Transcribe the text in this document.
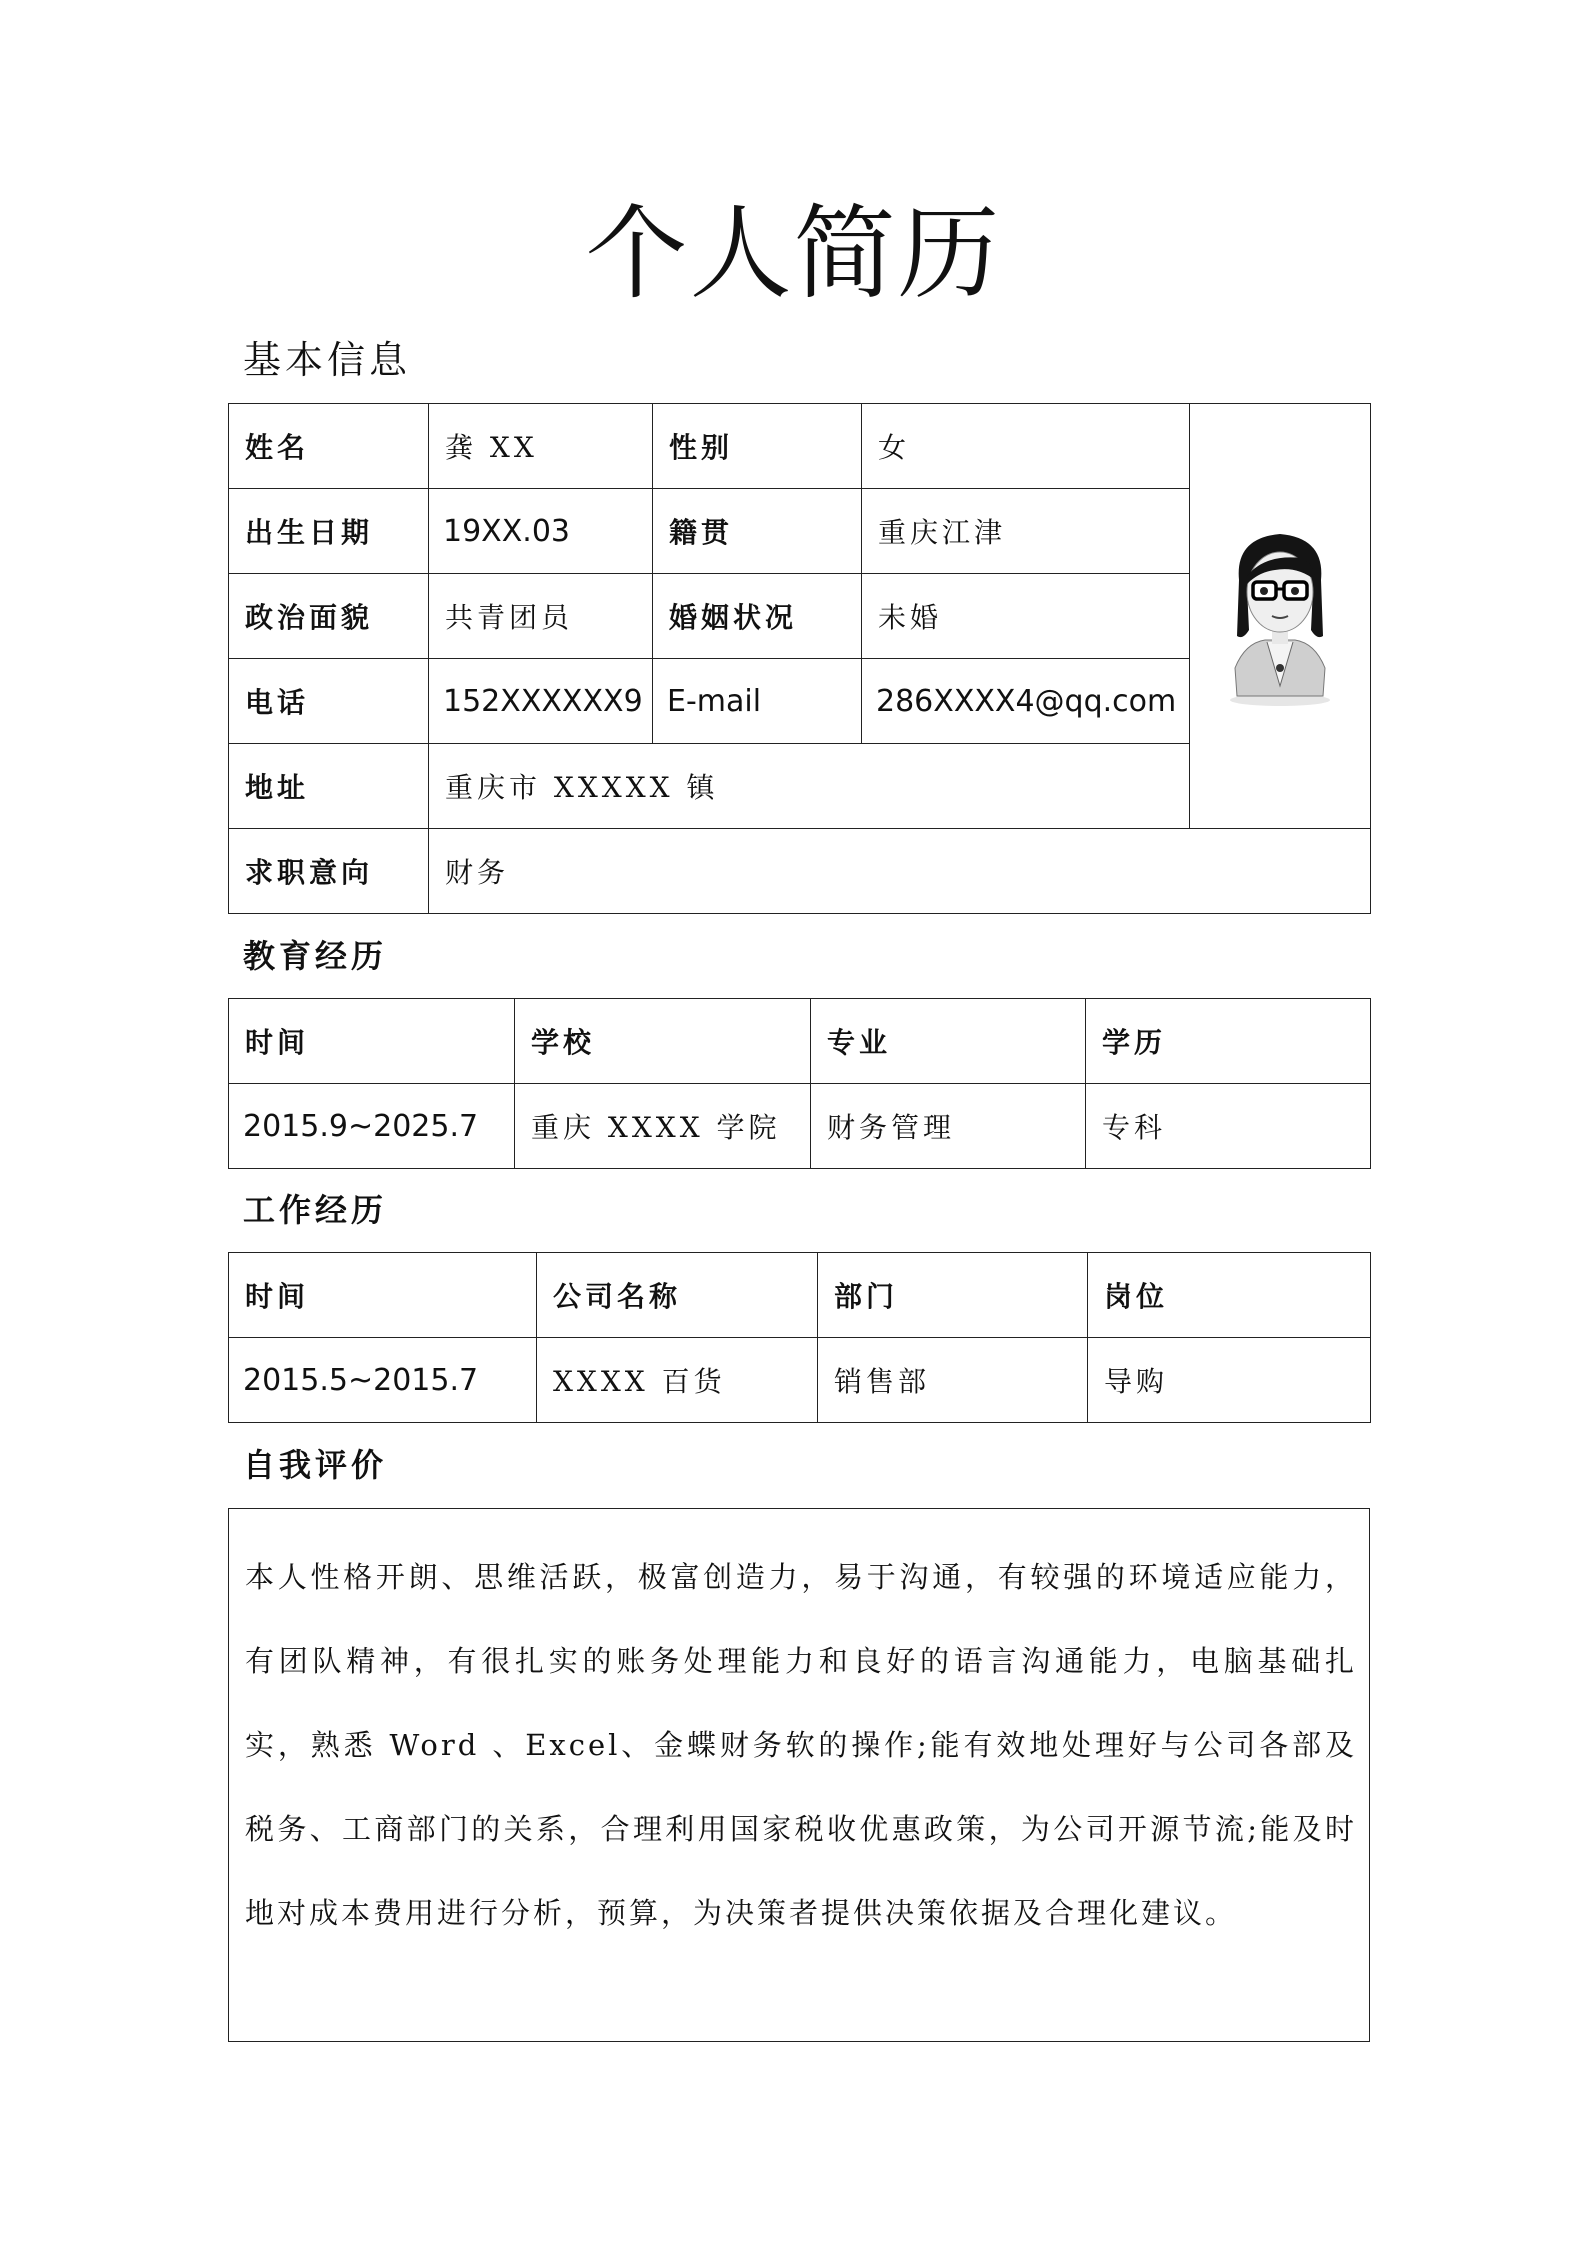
个人简历
基本信息
姓名	龚 XX	性别	女	
出生日期	19XX.03	籍贯	重庆江津	
政治面貌	共青团员	婚姻状况	未婚	
电话	152XXXXXX9	E-mail	286XXXX4@qq.com	
地址	重庆市 XXXXX 镇			
求职意向	财务			
教育经历
时间	学校	专业	学历
2015.9~2025.7	重庆 XXXX 学院	财务管理	专科
工作经历
时间	公司名称	部门	岗位
2015.5~2015.7	XXXX 百货	销售部	导购
自我评价
本人性格开朗、思维活跃，极富创造力，易于沟通，有较强的环境适应能力，有团队精神，有很扎实的账务处理能力和良好的语言沟通能力，电脑基础扎实，熟悉 Word 、Excel、金蝶财务软的操作;能有效地处理好与公司各部及税务、工商部门的关系，合理利用国家税收优惠政策，为公司开源节流;能及时地对成本费用进行分析，预算，为决策者提供决策依据及合理化建议。
